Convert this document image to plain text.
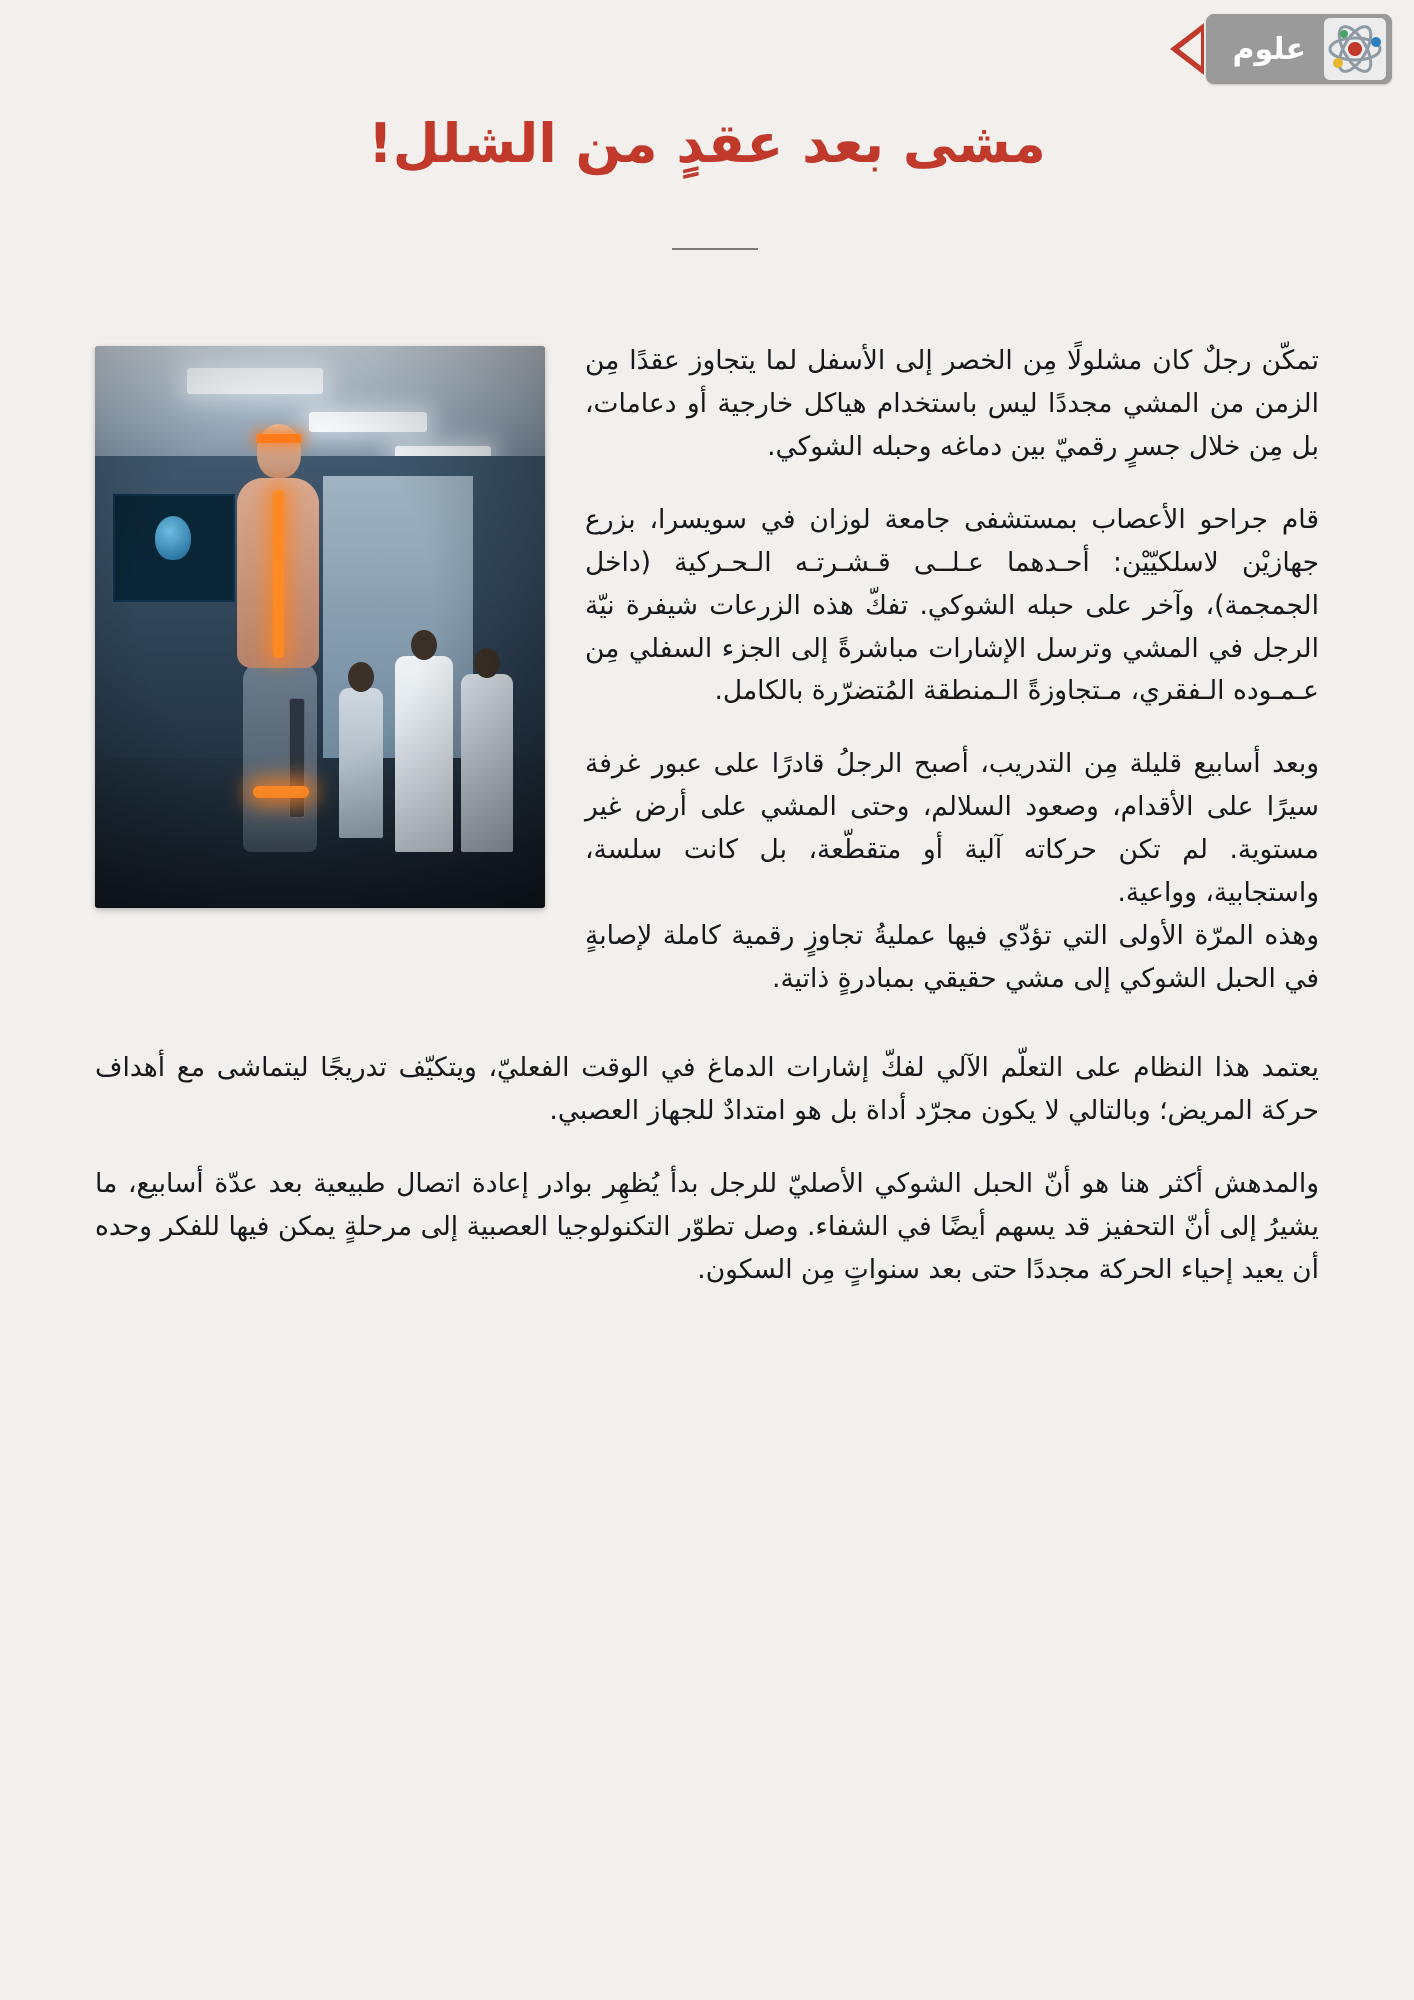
علوم
مشى بعد عقدٍ من الشلل!

تمكّن رجلٌ كان مشلولًا مِن الخصر إلى الأسفل لما يتجاوز عقدًا مِن الزمن من المشي مجددًا ليس باستخدام هياكل خارجية أو دعامات، بل مِن خلال جسرٍ رقميّ بين دماغه وحبله الشوكي.

قام جراحو الأعصاب بمستشفى جامعة لوزان في سويسرا، بزرع جهازيْن لاسلكيّيْن: أحـدهما عـلــى قـشـرتـه الـحـركية (داخل الجمجمة)، وآخر على حبله الشوكي. تفكّ هذه الزرعات شيفرة نيّة الرجل في المشي وترسل الإشارات مباشرةً إلى الجزء السفلي مِن عـمـوده الـفقري، مـتجاوزةً الـمنطقة المُتضرّرة بالكامل.

وبعد أسابيع قليلة مِن التدريب، أصبح الرجلُ قادرًا على عبور غرفة سيرًا على الأقدام، وصعود السلالم، وحتى المشي على أرض غير مستوية. لم تكن حركاته آلية أو متقطّعة، بل كانت سلسة، واستجابية، وواعية.

وهذه المرّة الأولى التي تؤدّي فيها عمليةُ تجاوزٍ رقمية كاملة لإصابةٍ في الحبل الشوكي إلى مشي حقيقي بمبادرةٍ ذاتية.

يعتمد هذا النظام على التعلّم الآلي لفكّ إشارات الدماغ في الوقت الفعليّ، ويتكيّف تدريجًا ليتماشى مع أهداف حركة المريض؛ وبالتالي لا يكون مجرّد أداة بل هو امتدادٌ للجهاز العصبي.

والمدهش أكثر هنا هو أنّ الحبل الشوكي الأصليّ للرجل بدأ يُظهِر بوادر إعادة اتصال طبيعية بعد عدّة أسابيع، ما يشيرُ إلى أنّ التحفيز قد يسهم أيضًا في الشفاء. وصل تطوّر التكنولوجيا العصبية إلى مرحلةٍ يمكن فيها للفكر وحده أن يعيد إحياء الحركة مجددًا حتى بعد سنواتٍ مِن السكون.
